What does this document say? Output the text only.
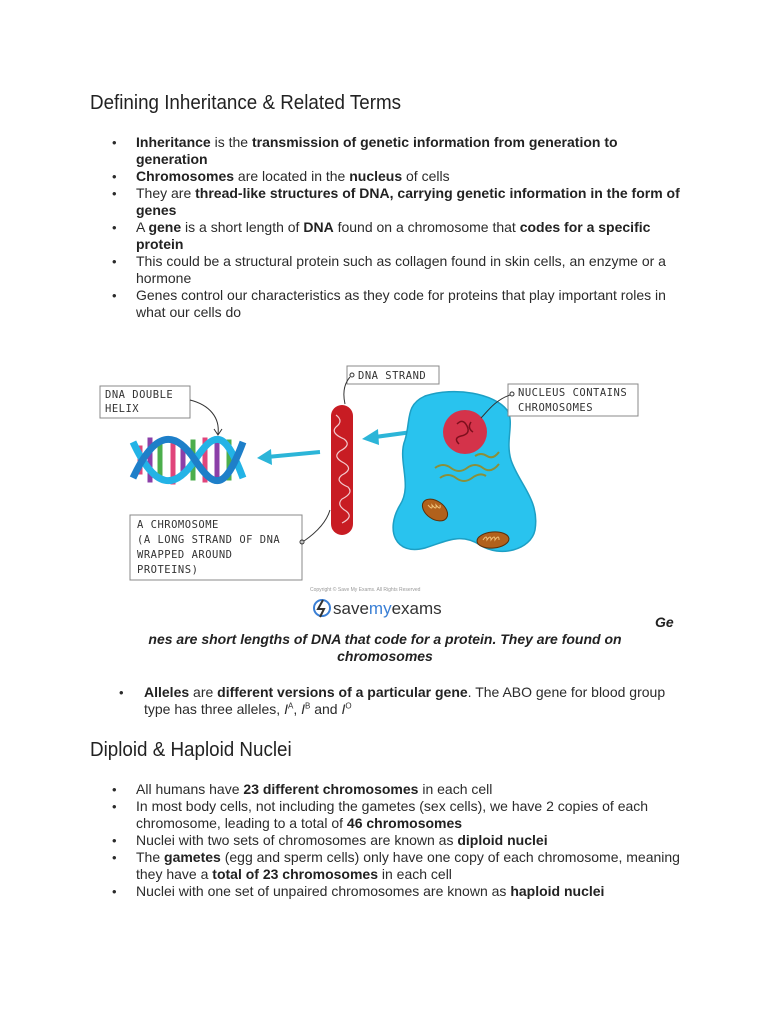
Defining Inheritance & Related Terms
• Inheritance is the transmission of genetic information from generation to generation
• Chromosomes are located in the nucleus of cells
• They are thread-like structures of DNA, carrying genetic information in the form of genes
• A gene is a short length of DNA found on a chromosome that codes for a specific protein
• This could be a structural protein such as collagen found in skin cells, an enzyme or a hormone
• Genes control our characteristics as they code for proteins that play important roles in what our cells do
DNA DOUBLE
HELIX
DNA STRAND
NUCLEUS CONTAINS
CHROMOSOMES
A CHROMOSOME
(A LONG STRAND OF DNA
WRAPPED AROUND
PROTEINS)
Copyright © Save My Exams. All Rights Reserved
savemyexams
Ge
nes are short lengths of DNA that code for a protein. They are found on chromosomes
• Alleles are different versions of a particular gene. The ABO gene for blood group type has three alleles, $I^A$, $I^B$ and $I^O$
Diploid & Haploid Nuclei
• All humans have 23 different chromosomes in each cell
• In most body cells, not including the gametes (sex cells), we have 2 copies of each chromosome, leading to a total of 46 chromosomes
• Nuclei with two sets of chromosomes are known as diploid nuclei
• The gametes (egg and sperm cells) only have one copy of each chromosome, meaning they have a total of 23 chromosomes in each cell
• Nuclei with one set of unpaired chromosomes are known as haploid nuclei
